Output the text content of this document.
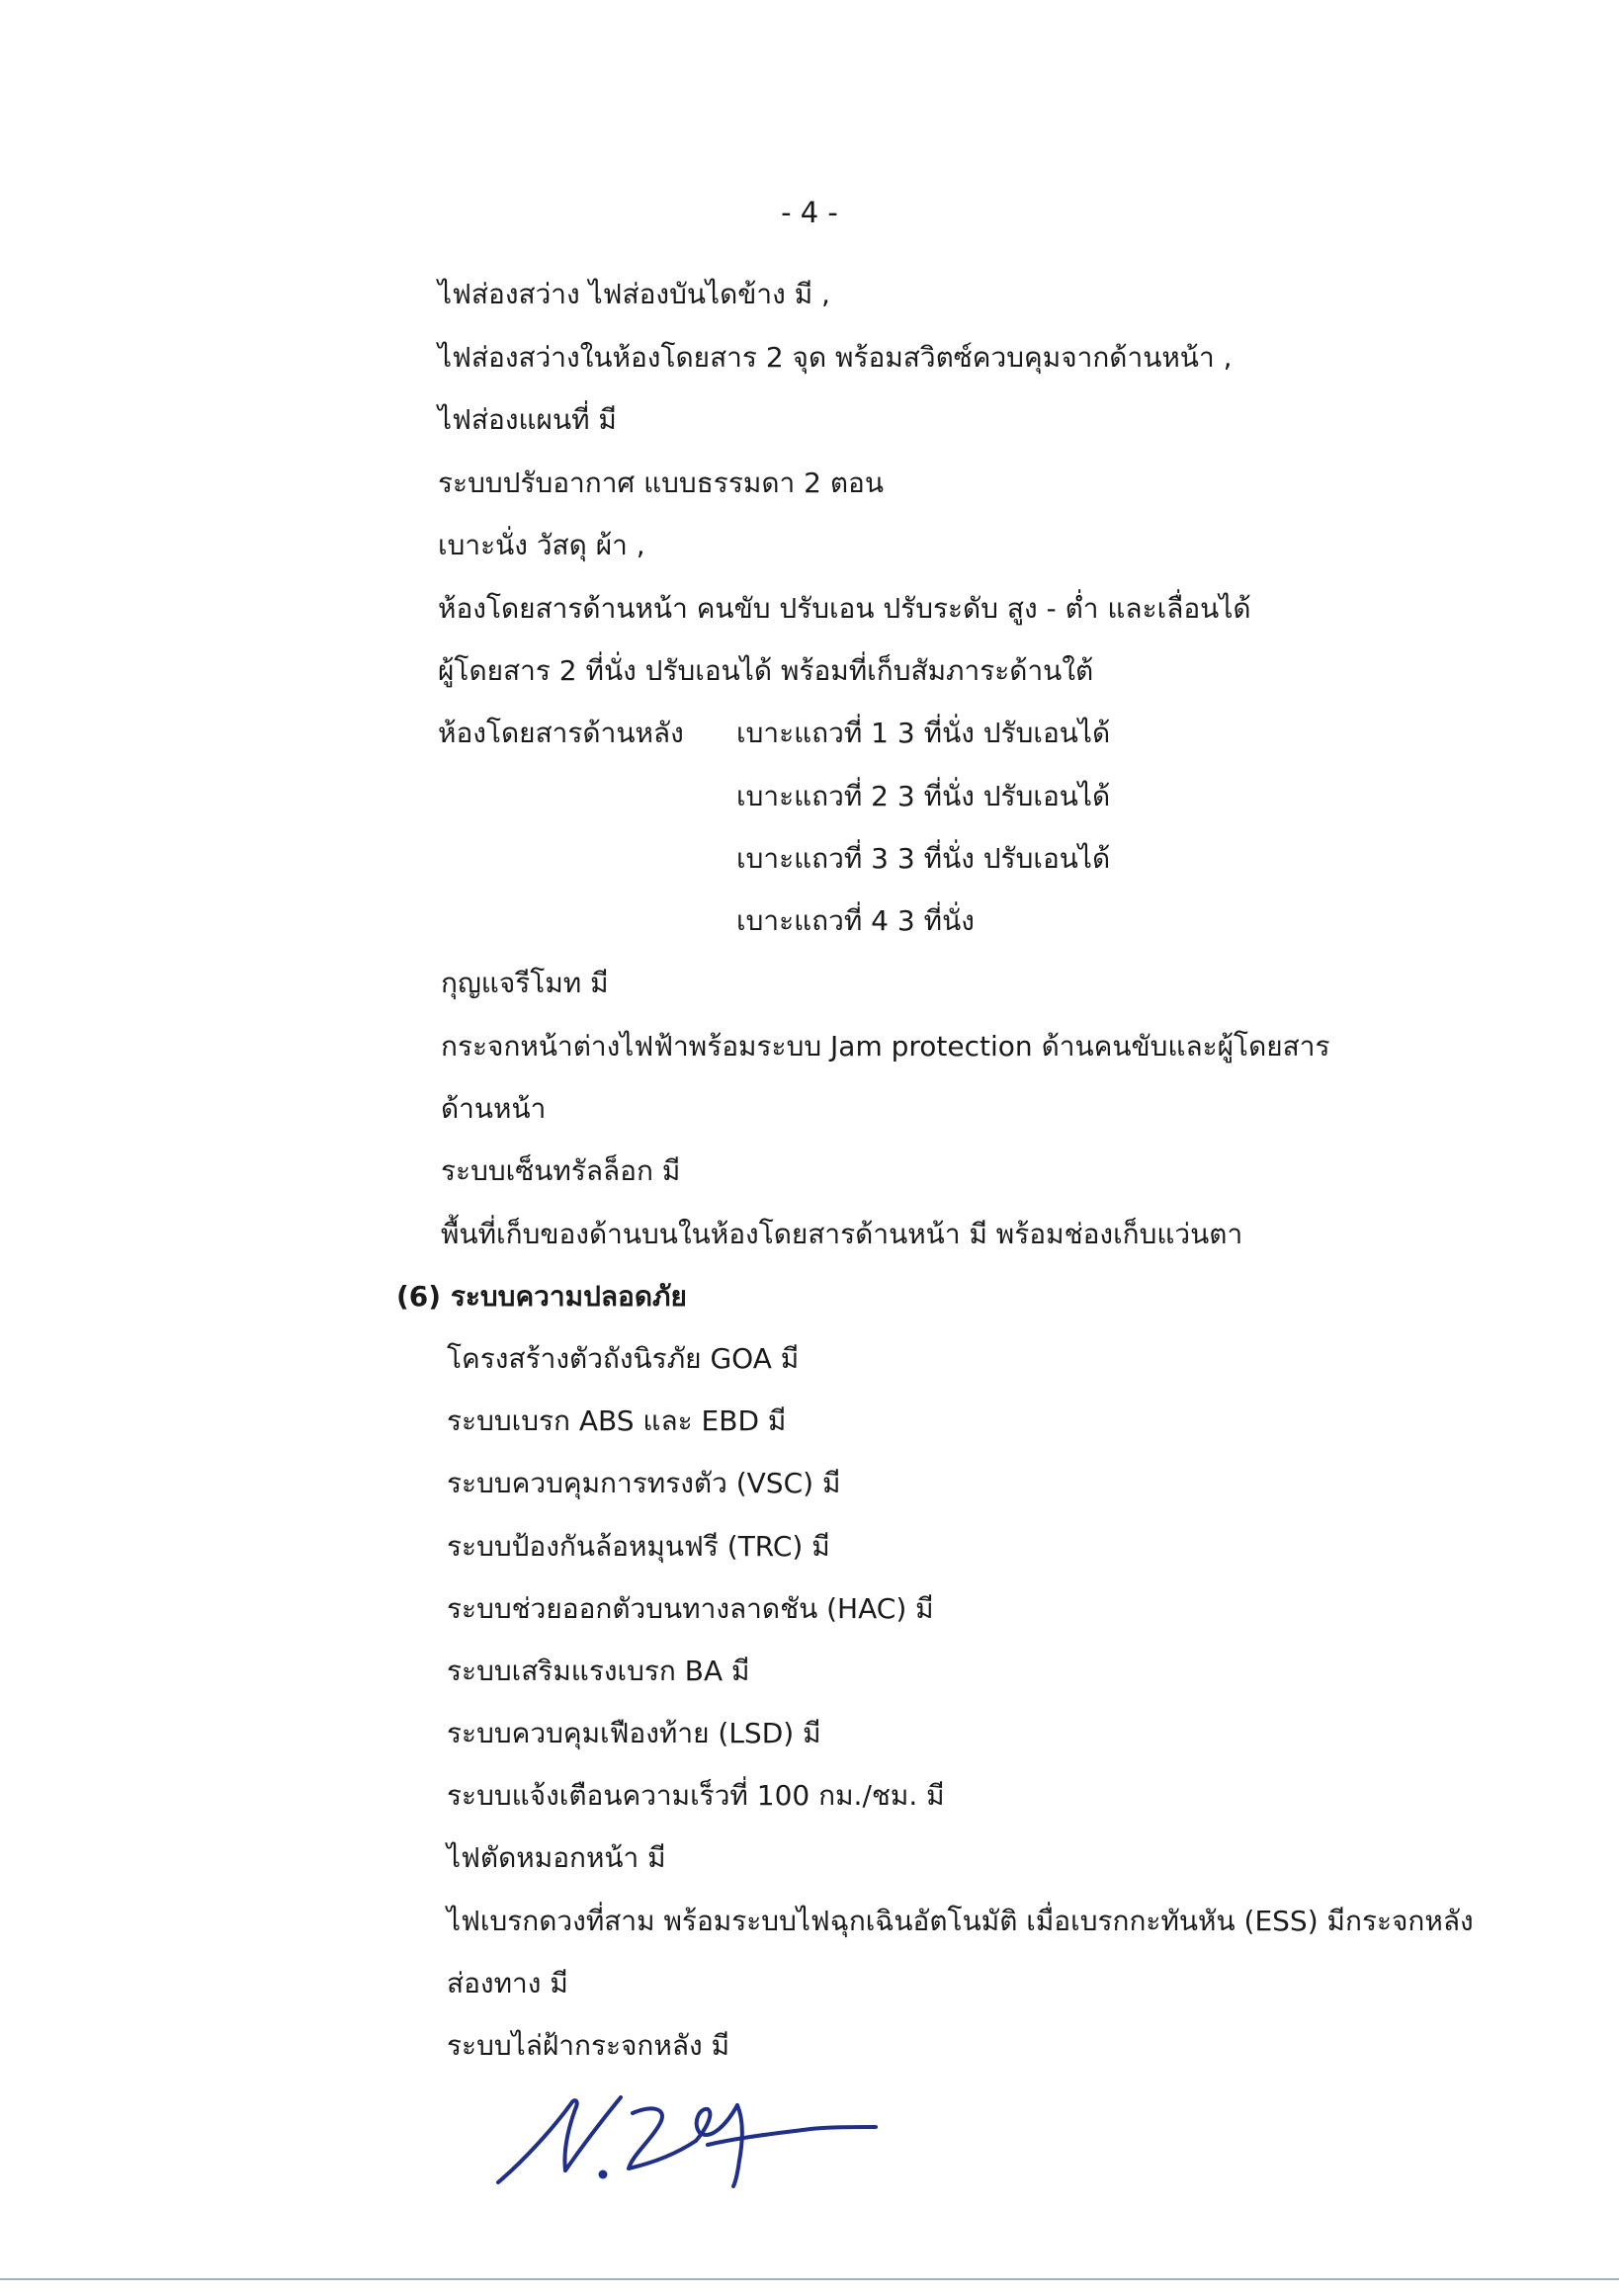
- 4 -
ไฟส่องสว่าง ไฟส่องบันไดข้าง มี ,
ไฟส่องสว่างในห้องโดยสาร 2 จุด พร้อมสวิตซ์ควบคุมจากด้านหน้า ,
ไฟส่องแผนที่ มี
ระบบปรับอากาศ แบบธรรมดา 2 ตอน
เบาะนั่ง วัสดุ ผ้า ,
ห้องโดยสารด้านหน้า คนขับ ปรับเอน ปรับระดับ สูง - ต่ำ และเลื่อนได้
ผู้โดยสาร 2 ที่นั่ง ปรับเอนได้ พร้อมที่เก็บสัมภาระด้านใต้
ห้องโดยสารด้านหลัง เบาะแถวที่ 1 3 ที่นั่ง ปรับเอนได้
เบาะแถวที่ 2 3 ที่นั่ง ปรับเอนได้
เบาะแถวที่ 3 3 ที่นั่ง ปรับเอนได้
เบาะแถวที่ 4 3 ที่นั่ง
กุญแจรีโมท มี
กระจกหน้าต่างไฟฟ้าพร้อมระบบ Jam protection ด้านคนขับและผู้โดยสาร
ด้านหน้า
ระบบเซ็นทรัลล็อก มี
พื้นที่เก็บของด้านบนในห้องโดยสารด้านหน้า มี พร้อมช่องเก็บแว่นตา
(6) ระบบความปลอดภัย
โครงสร้างตัวถังนิรภัย GOA มี
ระบบเบรก ABS และ EBD มี
ระบบควบคุมการทรงตัว (VSC) มี
ระบบป้องกันล้อหมุนฟรี (TRC) มี
ระบบช่วยออกตัวบนทางลาดชัน (HAC) มี
ระบบเสริมแรงเบรก BA มี
ระบบควบคุมเฟืองท้าย (LSD) มี
ระบบแจ้งเตือนความเร็วที่ 100 กม./ชม. มี
ไฟตัดหมอกหน้า มี
ไฟเบรกดวงที่สาม พร้อมระบบไฟฉุกเฉินอัตโนมัติ เมื่อเบรกกะทันหัน (ESS) มีกระจกหลัง
ส่องทาง มี
ระบบไล่ฝ้ากระจกหลัง มี
